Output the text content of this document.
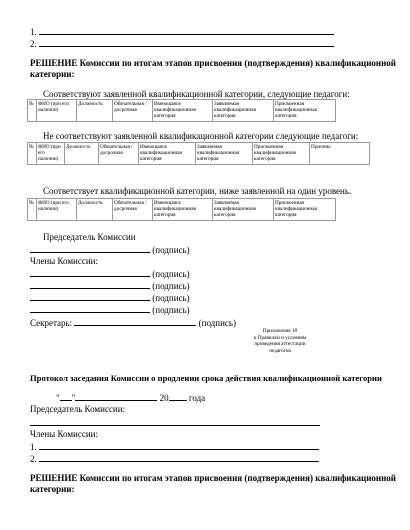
1.
2.
РЕШЕНИЕ Комиссии по итогам этапов присвоения (подтверждения) квалификационной
категории:
Соответствуют заявленной квалификационной категории, следующие педагоги:
№	ФИО (при его наличии)	Должность	Обязательная / досрочная	Имеющаяся квалификационная категория	Заявляемая квалификационная категория	Присвоенная квалификационная категория
Не соответствуют заявленной квалификационной категории следующие педагоги:
№	ФИО (при его наличии)	Должность	Обязательная / досрочная	Имеющаяся квалификационная категория	Заявляемая квалификационная категория	Присвоенная квалификационная категория	Причина
Соответствует квалификационной категории, ниже заявленной на один уровень.
№	ФИО (при его наличии)	Должность	Обязательная / досрочная	Имеющаяся квалификационная категория	Заявляемая квалификационная категория	Присвоенная квалификационная категория
Председатель Комиссии
(подпись)
Члены Комиссии:
(подпись)
(подпись)
(подпись)
(подпись)
Секретарь:	(подпись)
Приложение 18
к Правилам и условиям
проведения аттестации
педагогов
Протокол заседания Комиссии о продлении срока действия квалификационной категории
" "	20 года
Председатель Комиссии:
Члены Комиссии:
1.
2.
РЕШЕНИЕ Комиссии по итогам этапов присвоения (подтверждения) квалификационной
категории:
